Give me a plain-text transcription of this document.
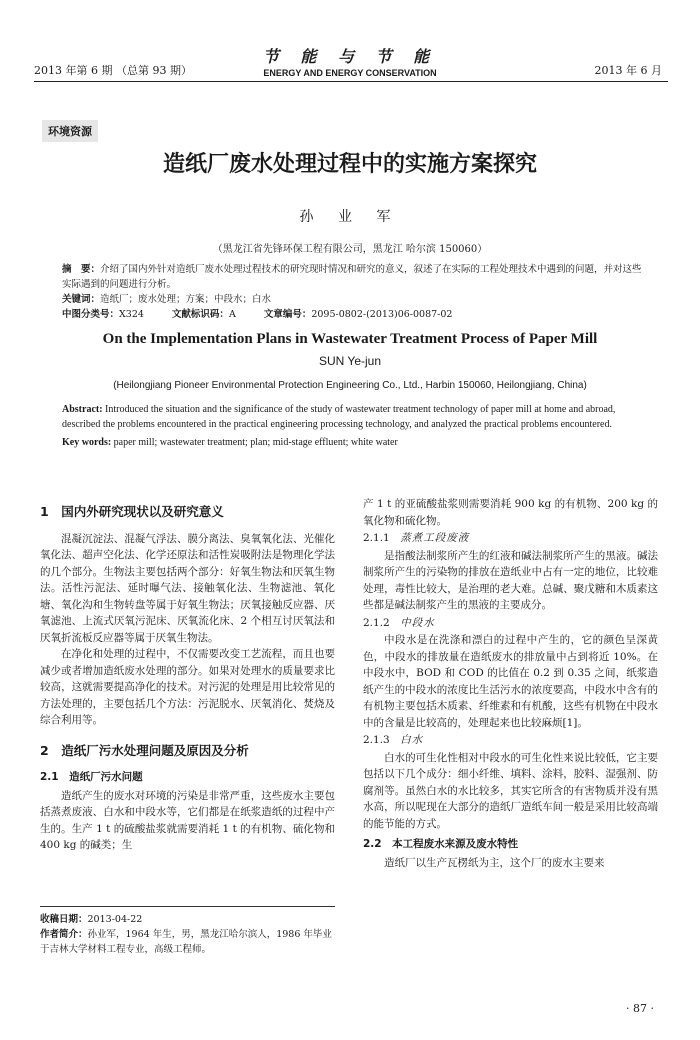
2013 年第 6 期 （总第 93 期）
节 能 与 节 能
ENERGY AND ENERGY CONSERVATION	2013 年 6 月
环境资源
造纸厂废水处理过程中的实施方案探究
孙 业 军
（黑龙江省先锋环保工程有限公司，黑龙江 哈尔滨 150060）
摘　要：介绍了国内外针对造纸厂废水处理过程技术的研究现时情况和研究的意义，叙述了在实际的工程处理技术中遇到的问题，并对这些实际遇到的问题进行分析。
关键词：造纸厂；废水处理；方案；中段水；白水
中图分类号：X324	文献标识码：A	文章编号：2095-0802-(2013)06-0087-02
On the Implementation Plans in Wastewater Treatment Process of Paper Mill
SUN Ye-jun
(Heilongjiang Pioneer Environmental Protection Engineering Co., Ltd., Harbin 150060, Heilongjiang, China)
Abstract: Introduced the situation and the significance of the study of wastewater treatment technology of paper mill at home and abroad, described the problems encountered in the practical engineering processing technology, and analyzed the practical problems encountered.
Key words: paper mill; wastewater treatment; plan; mid-stage effluent; white water
1　国内外研究现状以及研究意义

混凝沉淀法、混凝气浮法、膜分离法、臭氧氧化法、光催化氧化法、超声空化法、化学还原法和活性炭吸附法是物理化学法的几个部分。生物法主要包括两个部分：好氧生物法和厌氧生物法。活性污泥法、延时曝气法、接触氧化法、生物滤池、氧化塘、氧化沟和生物转盘等属于好氧生物法；厌氧接触反应器、厌氧滤池、上流式厌氧污泥床、厌氧流化床、2 个相互讨厌氧法和厌氧折流板反应器等属于厌氧生物法。

在净化和处理的过程中，不仅需要改变工艺流程，而且也要减少或者增加造纸废水处理的部分。如果对处理水的质量要求比较高，这就需要提高净化的技术。对污泥的处理是用比较常见的方法处理的，主要包括几个方法：污泥脱水、厌氧消化、焚烧及综合利用等。

2　造纸厂污水处理问题及原因及分析
2.1　造纸厂污水问题

造纸产生的废水对环境的污染是非常严重，这些废水主要包括蒸煮废液、白水和中段水等，它们都是在纸浆造纸的过程中产生的。生产 1 t 的硫酸盐浆就需要消耗 1 t 的有机物、硫化物和 400 kg 的碱类；生

收稿日期：2013-04-22
作者简介：孙业军，1964 年生，男，黑龙江哈尔滨人，1986 年毕业于吉林大学材料工程专业，高级工程师。

产 1 t 的亚硫酸盐浆则需要消耗 900 kg 的有机物、200 kg 的氧化物和硫化物。

2.1.1　 蒸煮工段废液

是指酸法制浆所产生的红液和碱法制浆所产生的黑液。碱法制浆所产生的污染物的排放在造纸业中占有一定的地位，比较难处理，毒性比较大，是治理的老大难。总碱、聚戊糖和木质素这些都是碱法制浆产生的黑液的主要成分。

2.1.2　 中段水

中段水是在洗涤和漂白的过程中产生的，它的颜色呈深黄色，中段水的排放量在造纸废水的排放量中占到将近 10%。在中段水中，BOD 和 COD 的比值在 0.2 到 0.35 之间，纸浆造纸产生的中段水的浓度比生活污水的浓度要高，中段水中含有的有机物主要包括木质素、纤维素和有机酸，这些有机物在中段水中的含量是比较高的，处理起来也比较麻烦[1]。

2.1.3　 白水

白水的可生化性相对中段水的可生化性来说比较低，它主要包括以下几个成分：细小纤维、填料、涂料，胶料、湿强剂、防腐剂等。虽然白水的水比较多，其实它所含的有害物质并没有黑水高，所以呢现在大部分的造纸厂造纸车间一般是采用比较高端的能节能的方式。

2.2　本工程废水来源及废水特性

造纸厂以生产瓦楞纸为主，这个厂的废水主要来

· 87 ·
